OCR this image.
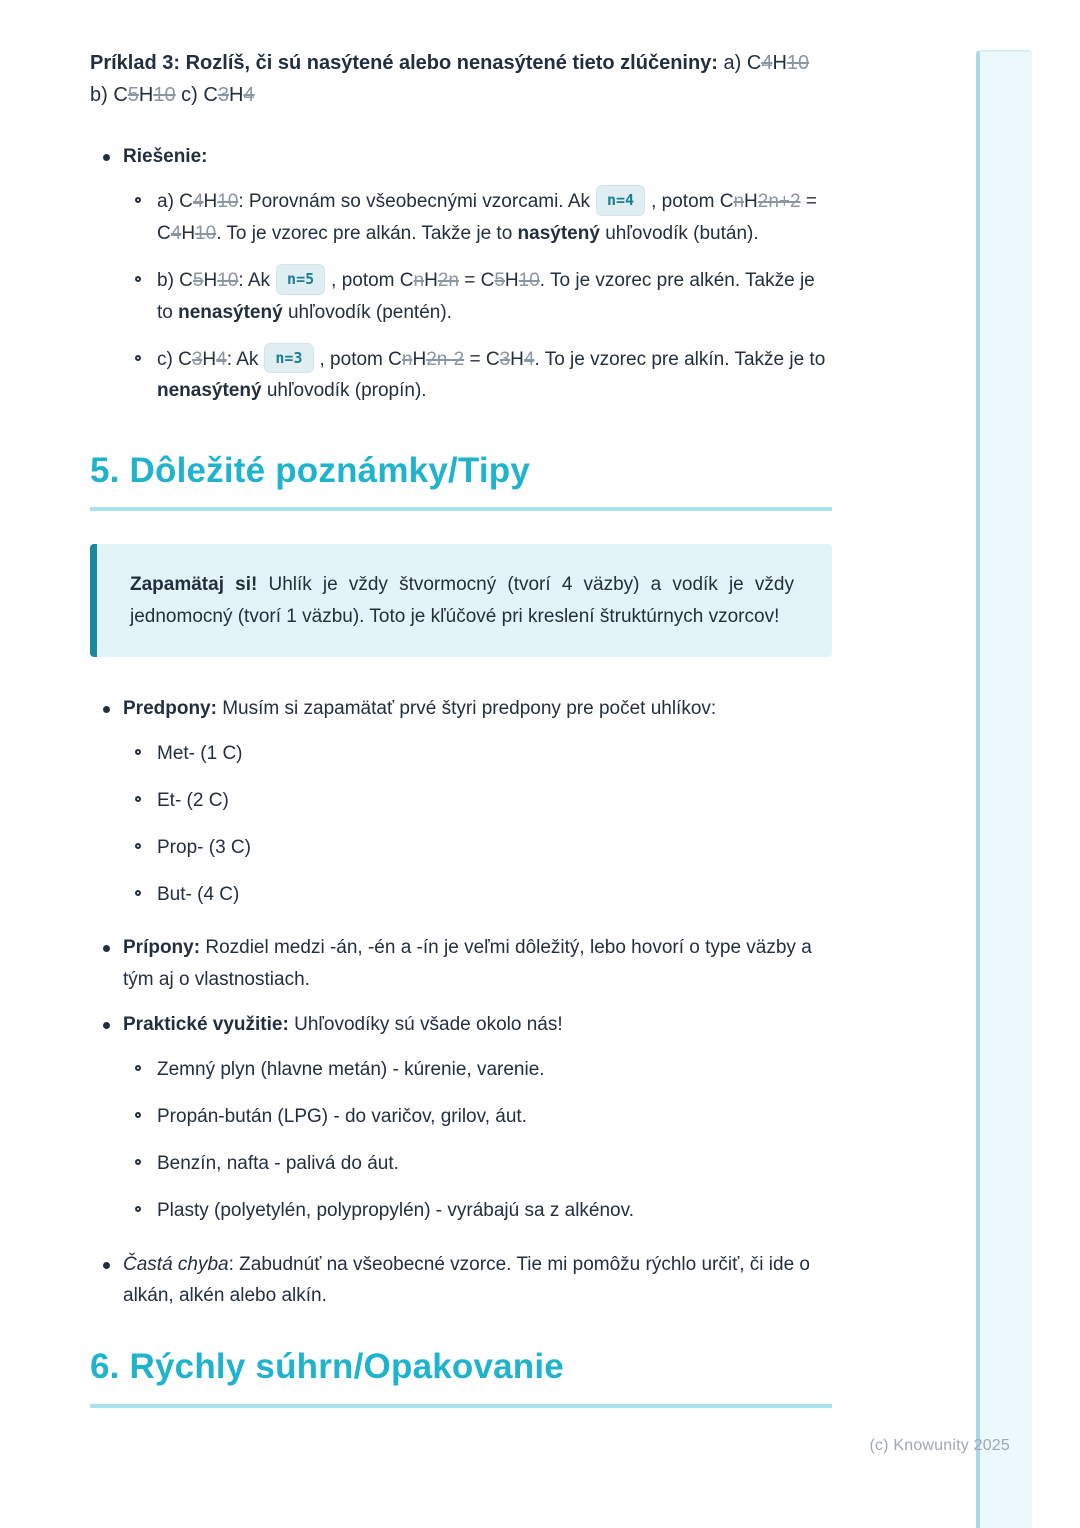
Príklad 3: Rozlíš, či sú nasýtené alebo nenasýtené tieto zlúčeniny: a) C4H10 b) C5H10 c) C3H4

Riešenie:
a) C4H10: Porovnám so všeobecnými vzorcami. Ak n=4 , potom CnH2n+2 = C4H10. To je vzorec pre alkán. Takže je to nasýtený uhľovodík (bután).
b) C5H10: Ak n=5 , potom CnH2n = C5H10. To je vzorec pre alkén. Takže je to nenasýtený uhľovodík (pentén).
c) C3H4: Ak n=3 , potom CnH2n-2 = C3H4. To je vzorec pre alkín. Takže je to nenasýtený uhľovodík (propín).
5. Dôležité poznámky/Tipy
Zapamätaj si! Uhlík je vždy štvormocný (tvorí 4 väzby) a vodík je vždy jednomocný (tvorí 1 väzbu). Toto je kľúčové pri kreslení štruktúrnych vzorcov!
Predpony: Musím si zapamätať prvé štyri predpony pre počet uhlíkov:
Met- (1 C)
Et- (2 C)
Prop- (3 C)
But- (4 C)
Prípony: Rozdiel medzi -án, -én a -ín je veľmi dôležitý, lebo hovorí o type väzby a tým aj o vlastnostiach.
Praktické využitie: Uhľovodíky sú všade okolo nás!
Zemný plyn (hlavne metán) - kúrenie, varenie.
Propán-bután (LPG) - do varičov, grilov, áut.
Benzín, nafta - palivá do áut.
Plasty (polyetylén, polypropylén) - vyrábajú sa z alkénov.
Častá chyba: Zabudnúť na všeobecné vzorce. Tie mi pomôžu rýchlo určiť, či ide o alkán, alkén alebo alkín.
6. Rýchly súhrn/Opakovanie
(c) Knowunity 2025
